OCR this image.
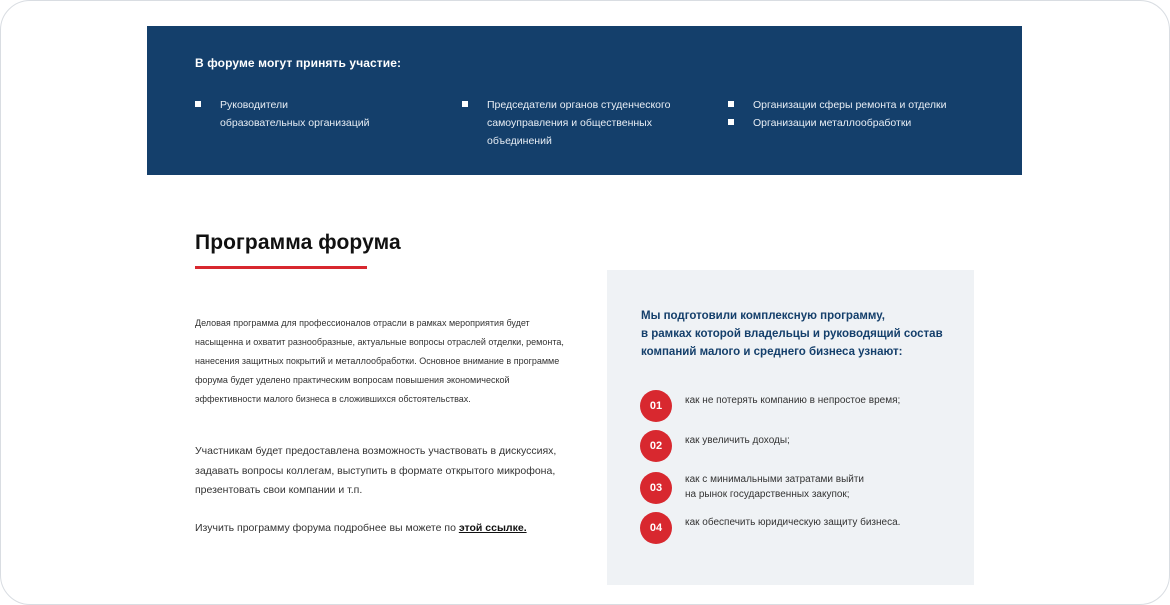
В форуме могут принять участие:
Руководители
образовательных организаций
Председатели органов студенческого
самоуправления и общественных
объединений
Организации сферы ремонта и отделки
Организации металлообработки
Программа форума
Деловая программа для профессионалов отрасли в рамках мероприятия будет насыщенна и охватит разнообразные, актуальные вопросы отраслей отделки, ремонта, нанесения защитных покрытий и металлообработки. Основное внимание в программе форума будет уделено практическим вопросам повышения экономической эффективности малого бизнеса в сложившихся обстоятельствах.
Участникам будет предоставлена возможность участвовать в дискуссиях, задавать вопросы коллегам, выступить в формате открытого микрофона, презентовать свои компании и т.п.
Изучить программу форума подробнее вы можете по этой ссылке.
Мы подготовили комплексную программу,
в рамках которой владельцы и руководящий состав
компаний малого и среднего бизнеса узнают:
01	как не потерять компанию в непростое время;
02	как увеличить доходы;
03
как с минимальными затратами выйти
на рынок государственных закупок;
04	как обеспечить юридическую защиту бизнеса.
